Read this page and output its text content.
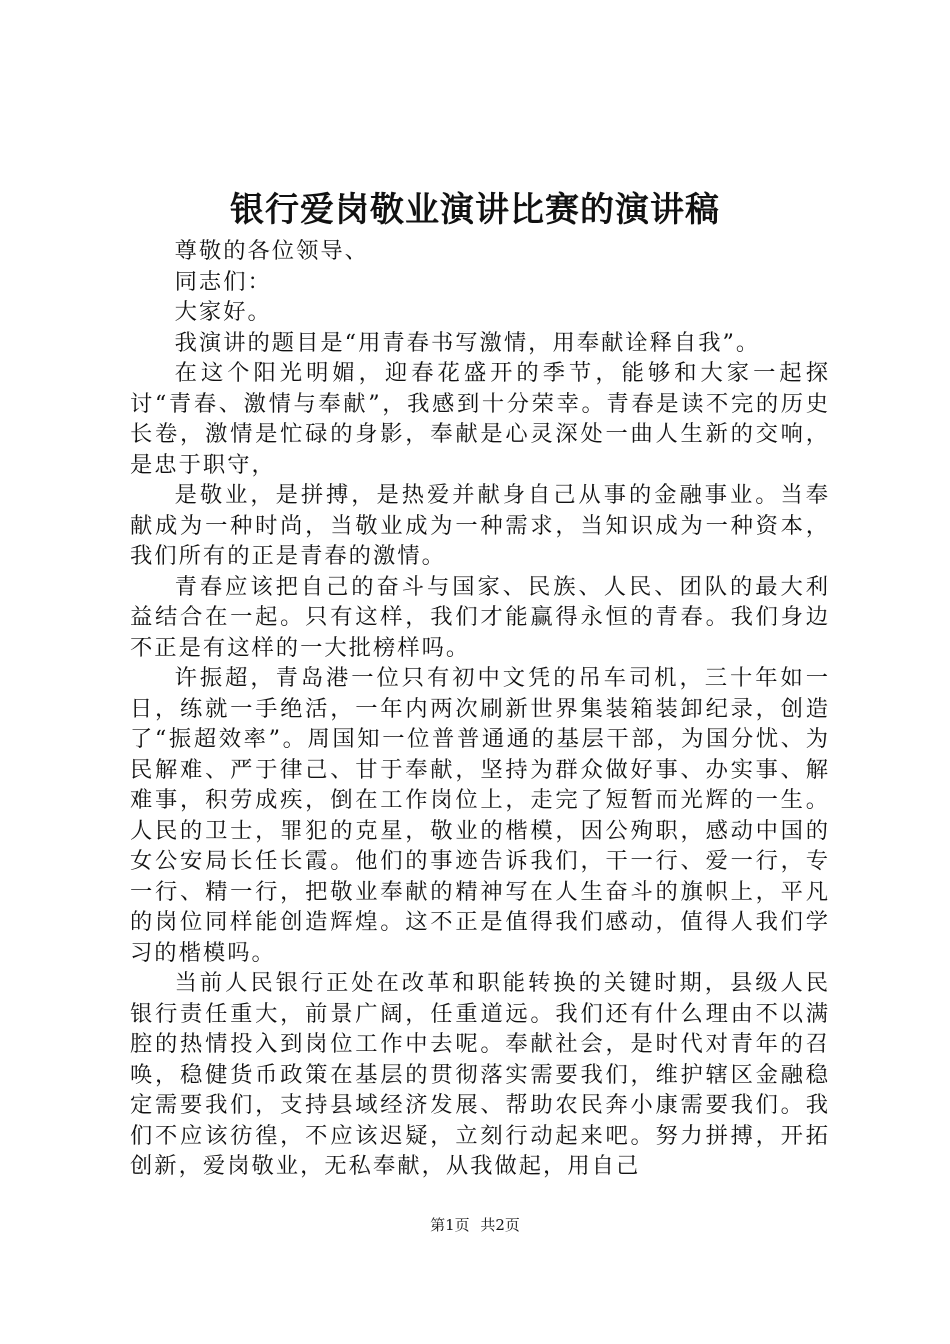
银行爱岗敬业演讲比赛的演讲稿

尊敬的各位领导、

同志们：

大家好。

我演讲的题目是“用青春书写激情，用奉献诠释自我”。

在这个阳光明媚，迎春花盛开的季节，能够和大家一起探讨“青春、激情与奉献”，我感到十分荣幸。青春是读不完的历史长卷，激情是忙碌的身影，奉献是心灵深处一曲人生新的交响，是忠于职守，

是敬业，是拼搏，是热爱并献身自己从事的金融事业。当奉献成为一种时尚，当敬业成为一种需求，当知识成为一种资本，我们所有的正是青春的激情。

青春应该把自己的奋斗与国家、民族、人民、团队的最大利益结合在一起。只有这样，我们才能赢得永恒的青春。我们身边不正是有这样的一大批榜样吗。

许振超，青岛港一位只有初中文凭的吊车司机，三十年如一日，练就一手绝活，一年内两次刷新世界集装箱装卸纪录，创造了“振超效率”。周国知一位普普通通的基层干部，为国分忧、为民解难、严于律己、甘于奉献，坚持为群众做好事、办实事、解难事，积劳成疾，倒在工作岗位上，走完了短暂而光辉的一生。人民的卫士，罪犯的克星，敬业的楷模，因公殉职，感动中国的女公安局长任长霞。他们的事迹告诉我们，干一行、爱一行，专一行、精一行，把敬业奉献的精神写在人生奋斗的旗帜上，平凡的岗位同样能创造辉煌。这不正是值得我们感动，值得人我们学习的楷模吗。

当前人民银行正处在改革和职能转换的关键时期，县级人民银行责任重大，前景广阔，任重道远。我们还有什么理由不以满腔的热情投入到岗位工作中去呢。奉献社会，是时代对青年的召唤，稳健货币政策在基层的贯彻落实需要我们，维护辖区金融稳定需要我们，支持县域经济发展、帮助农民奔小康需要我们。我们不应该彷徨，不应该迟疑，立刻行动起来吧。努力拼搏，开拓创新，爱岗敬业，无私奉献，从我做起，用自己

第1页 共2页
